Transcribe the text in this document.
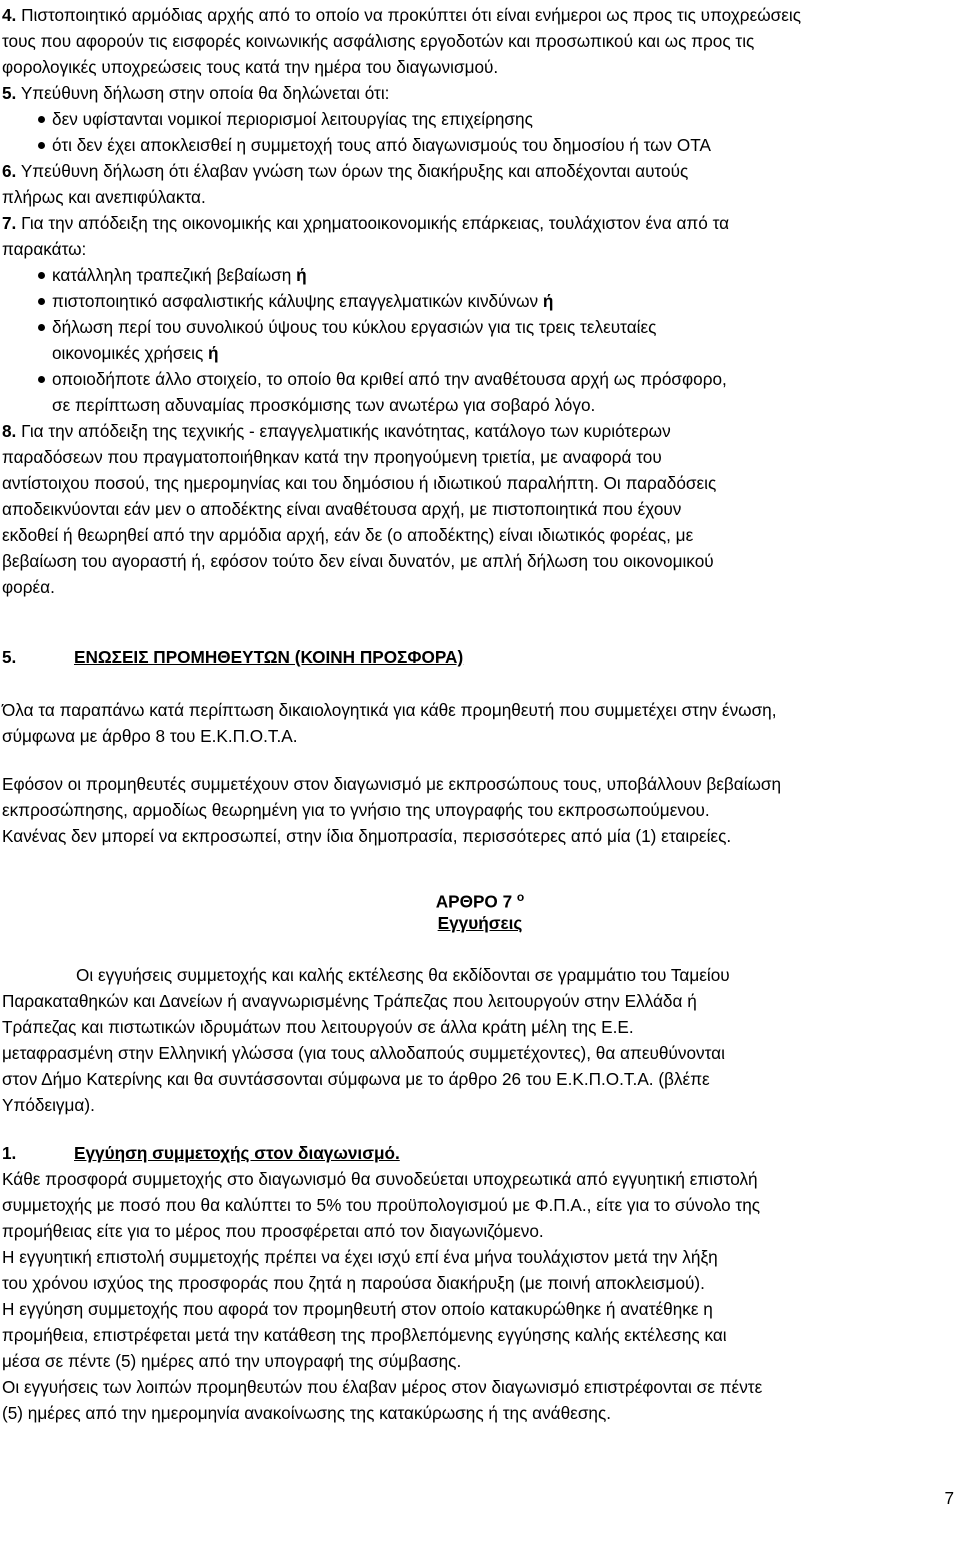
4. Πιστοποιητικό αρμόδιας αρχής από το οποίο να προκύπτει ότι είναι ενήμεροι ως προς τις υποχρεώσεις

τους που αφορούν τις εισφορές κοινωνικής ασφάλισης εργοδοτών και προσωπικού και ως προς τις

φορολογικές υποχρεώσεις τους κατά την ημέρα του διαγωνισμού.

5. Υπεύθυνη δήλωση στην οποία θα δηλώνεται ότι:

δεν υφίστανται νομικοί περιορισμοί λειτουργίας της επιχείρησης

ότι δεν έχει αποκλεισθεί η συμμετοχή τους από διαγωνισμούς του δημοσίου ή των ΟΤΑ

6. Υπεύθυνη δήλωση ότι έλαβαν γνώση των όρων της διακήρυξης και αποδέχονται αυτούς

πλήρως και ανεπιφύλακτα.

7. Για την απόδειξη της οικονομικής και χρηματοοικονομικής επάρκειας, τουλάχιστον ένα από τα

παρακάτω:

κατάλληλη τραπεζική βεβαίωση ή

πιστοποιητικό ασφαλιστικής κάλυψης επαγγελματικών κινδύνων ή

δήλωση περί του συνολικού ύψους του κύκλου εργασιών για τις τρεις τελευταίες

οικονομικές χρήσεις ή

οποιοδήποτε άλλο στοιχείο, το οποίο θα κριθεί από την αναθέτουσα αρχή ως πρόσφορο,

σε περίπτωση αδυναμίας προσκόμισης των ανωτέρω για σοβαρό λόγο.

8. Για την απόδειξη της τεχνικής - επαγγελματικής ικανότητας, κατάλογο των κυριότερων

παραδόσεων που πραγματοποιήθηκαν κατά την προηγούμενη τριετία, με αναφορά του

αντίστοιχου ποσού, της ημερομηνίας και του δημόσιου ή ιδιωτικού παραλήπτη. Οι παραδόσεις

αποδεικνύονται εάν μεν ο αποδέκτης είναι αναθέτουσα αρχή, με πιστοποιητικά που έχουν

εκδοθεί ή θεωρηθεί από την αρμόδια αρχή, εάν δε (ο αποδέκτης) είναι ιδιωτικός φορέας, με

βεβαίωση του αγοραστή ή, εφόσον τούτο δεν είναι δυνατόν, με απλή δήλωση του οικονομικού

φορέα.

5.	ΕΝΩΣΕΙΣ ΠΡΟΜΗΘΕΥΤΩΝ (ΚΟΙΝΗ ΠΡΟΣΦΟΡΑ)

Όλα τα παραπάνω κατά περίπτωση δικαιολογητικά για κάθε προμηθευτή που συμμετέχει στην ένωση,

σύμφωνα με άρθρο 8 του Ε.Κ.Π.Ο.Τ.Α.

Εφόσον οι προμηθευτές συμμετέχουν στον διαγωνισμό με εκπροσώπους τους, υποβάλλουν βεβαίωση

εκπροσώπησης, αρμοδίως θεωρημένη για το γνήσιο της υπογραφής του εκπροσωπούμενου.

Κανένας δεν μπορεί να εκπροσωπεί, στην ίδια δημοπρασία, περισσότερες από μία (1) εταιρείες.

ΑΡΘΡΟ 7 $^o$
Εγγυήσεις

Οι εγγυήσεις συμμετοχής και καλής εκτέλεσης θα εκδίδονται σε γραμμάτιο του Ταμείου

Παρακαταθηκών και Δανείων ή αναγνωρισμένης Τράπεζας που λειτουργούν στην Ελλάδα ή

Τράπεζας και πιστωτικών ιδρυμάτων που λειτουργούν σε άλλα κράτη μέλη της Ε.Ε.

μεταφρασμένη στην Ελληνική γλώσσα (για τους αλλοδαπούς συμμετέχοντες), θα απευθύνονται

στον Δήμο Κατερίνης και θα συντάσσονται σύμφωνα με το άρθρο 26 του Ε.Κ.Π.Ο.Τ.Α. (βλέπε

Υπόδειγμα).

1.	Εγγύηση συμμετοχής στον διαγωνισμό.

Κάθε προσφορά συμμετοχής στο διαγωνισμό θα συνοδεύεται υποχρεωτικά από εγγυητική επιστολή

συμμετοχής με ποσό που θα καλύπτει το 5% του προϋπολογισμού με Φ.Π.Α., είτε για το σύνολο της

προμήθειας είτε για το μέρος που προσφέρεται από τον διαγωνιζόμενο.

Η εγγυητική επιστολή συμμετοχής πρέπει να έχει ισχύ επί ένα μήνα τουλάχιστον μετά την λήξη

του χρόνου ισχύος της προσφοράς που ζητά η παρούσα διακήρυξη (με ποινή αποκλεισμού).

Η εγγύηση συμμετοχής που αφορά τον προμηθευτή στον οποίο κατακυρώθηκε ή ανατέθηκε η

προμήθεια, επιστρέφεται μετά την κατάθεση της προβλεπόμενης εγγύησης καλής εκτέλεσης και

μέσα σε πέντε (5) ημέρες από την υπογραφή της σύμβασης.

Οι εγγυήσεις των λοιπών προμηθευτών που έλαβαν μέρος στον διαγωνισμό επιστρέφονται σε πέντε

(5) ημέρες από την ημερομηνία ανακοίνωσης της κατακύρωσης ή της ανάθεσης.

7
